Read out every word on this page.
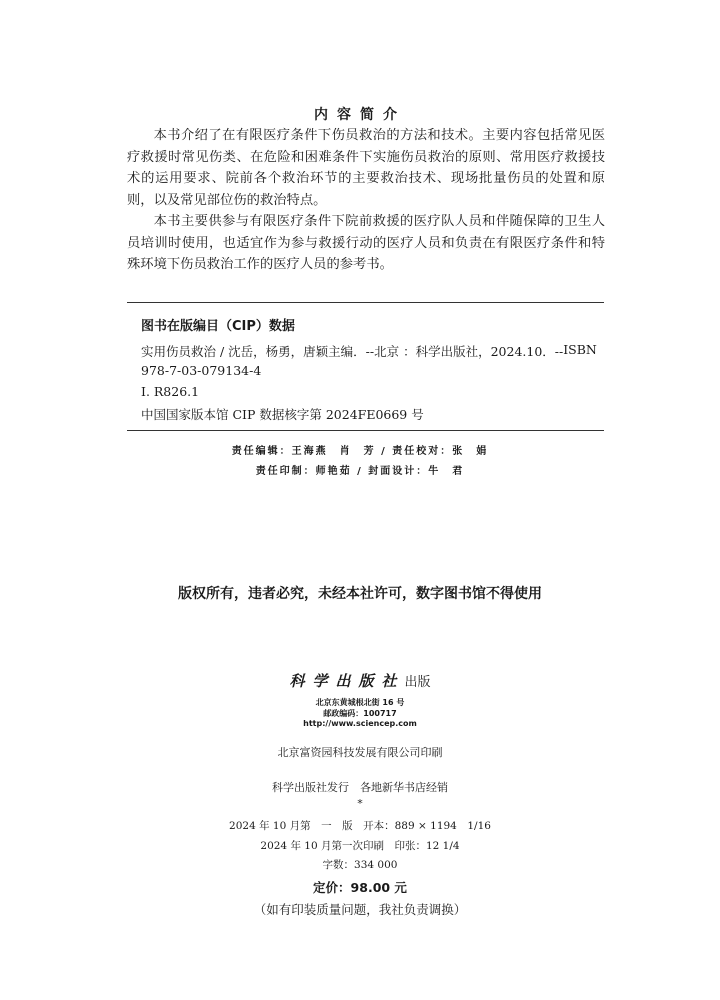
内容简介

本书介绍了在有限医疗条件下伤员救治的方法和技术。主要内容包括常见医疗救援时常见伤类、在危险和困难条件下实施伤员救治的原则、常用医疗救援技术的运用要求、院前各个救治环节的主要救治技术、现场批量伤员的处置和原则，以及常见部位伤的救治特点。

本书主要供参与有限医疗条件下院前救援的医疗队人员和伴随保障的卫生人员培训时使用，也适宜作为参与救援行动的医疗人员和负责在有限医疗条件和特殊环境下伤员救治工作的医疗人员的参考书。

图书在版编目（CIP）数据
实用伤员救治 / 沈岳，杨勇，唐颖主编．-- 北京 ：科学出版社，2024.10．-- ISBN
978-7-03-079134-4
Ⅰ. R826.1
中国国家版本馆 CIP 数据核字第 2024FE0669 号
责任编辑：王海燕　肖　芳 / 责任校对：张　娟
责任印制：师艳茹 / 封面设计：牛　君
版权所有，违者必究，未经本社许可，数字图书馆不得使用
科学出版社出版
北京东黄城根北街 16 号
邮政编码：100717
http://www.sciencep.com
北京富资园科技发展有限公司印刷
科学出版社发行　各地新华书店经销
*
2024 年 10 月第　一　版　开本：889 × 1194　1/16
2024 年 10 月第一次印刷　印张：12 1/4
字数：334 000
定价：98.00 元
（如有印装质量问题，我社负责调换）
